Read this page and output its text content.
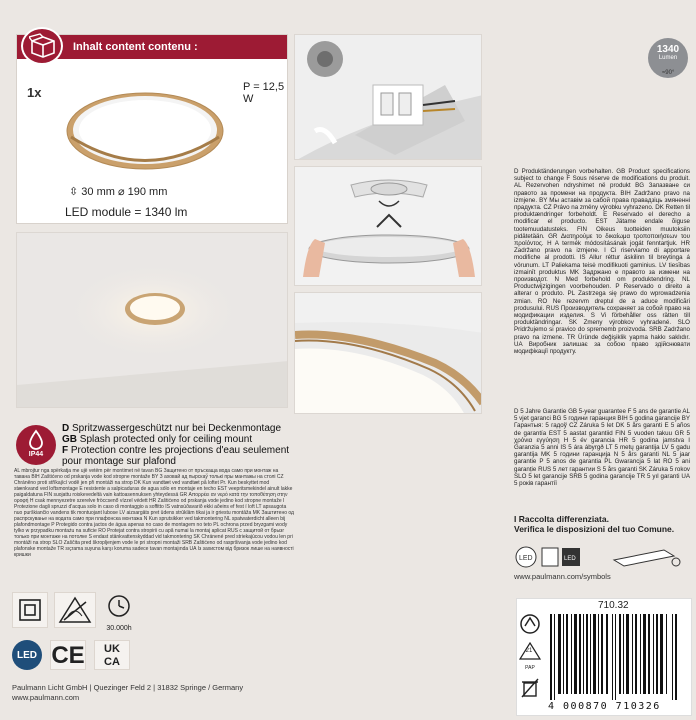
Inhalt content contenu :
1x	P = 12,5 W
⇳ 30 mm ⌀ 190 mm
LED module = 1340 lm
IP44
D Spritzwassergeschützt nur bei Deckenmontage
GB Splash protected only for ceiling mount
F Protection contre les projections d'eau seulement
pour montage sur plafond
AL mbrojtur nga spërkatja me ujë vetëm për montimet në tavan BG Защитено от пръскаща вода само при монтаж на тавана BIH Zaštićeno od prskanja vode kod stropne montaže BY З аховай ад пырскаў толькі пры мантажы на столі CZ Chráněno proti stříkající vodě jen při montáži na strop DK Kun vandtæt ved vandtæt på loftet Pr. Kun beskyttet mod stænkvand ved loftsmontage E resistente a salpicaduras de agua sólo en montaje en techo EST veepritsmekindel ainult lakke paigaldatuna FIN suojattu roiskevedeltä vain kattoasennuksen yhteydessä GR Απορρέει αν νερό κατά την τοποθέτηση στην οροφή H csak mennyezetre szerelve fröccsenő vízzel védett HR Zaštićeno od prskanja vode jedino kod stropne montaže I Protezione dagli spruzzi d'acqua solo in caso di montaggio a soffitto IS vatnsúðavarið ekki aðeins ef fest í loft LT apsaugota nuo purškiančio vandens tik montuojant lubose LV aizsargāts pret ūdens strūklām tikai ja ir griestu montāža MK Заштитено од распрскување на водата само при плафонска монтажа N Kun sprutsikker ved takmontering NL spatwaterdicht alleen bij plafondmontage P Protegido contra jactos de água apenas no caso de montagem no teto PL ochrona przed bryzgami wody tylko w przypadku montażu na suficie RO Protejat contra stropirii cu apă numai la montaj aplicat RUS с защитой от брызг только при монтаже на потолке S endast stänkvattenskyddad vid takmontering SK Chránené pred striekajúcou vodou len pri montáži na strop SLO Zaščita pred škropljenjem vode le pri stropni montaži SRB Zaštićeno od raspršivanja vode jedino kod plafonske montaže TR sıçrama suyuna karşı koruma sadece tavan montajında UA Із захистом від бризок лише на наявності кришки
30.000h
LED CE	UK
CA
Paulmann Licht GmbH | Quezinger Feld 2 | 31832 Springe / Germany
www.paulmann.com
1340
Lumen
≈90°
D Produktänderungen vorbehalten. GB Product specifications subject to change F Sous réserve de modifications du produit. AL Rezervohen ndryshimet në produkt BG Запазване си правото за промени на продукта. BIH Zadržano pravo na izmjene. BY Мы аставім за сабой права правадзіць змяненні прадукта. CZ Právo na změny výrobku vyhrazeno. DK Retten til produktændringer forbeholdt. E Reservado el derecho a modificar el producto. EST Jätame endale õiguse tootemuudatusteks. FIN Oikeus tuotteiden muutoksiin pidätetään. GR Διατηρούμε το δικαίωμα τροποποιήσεων του προϊόντος. H A termék módosításának jogát fenntartjuk. HR Zadržano pravo na izmjene. I Ci riserviamo di apportare modifiche al prodotti. IS Allur réttur áskilinn til breytinga á vörunum. LT Paliekama teisė modifikuoti gaminius. LV tiesības izmainīt produktus MK Задржано е правото за измени на производот. N Med forbehold om produktendring. NL Productwijzigingen voorbehouden. P Reservado o direito a alterar o produto. PL Zastrzega się prawo do wprowadzenia zmian. RO Ne rezervm dreptul de a aduce modificări produsului. RUS Производитель сохраняет за собой право на модификации изделия. S Vi förbehåller oss rätten till produktändringar. SK Zmeny výrobkov vyhradené. SLO Pridržujemo si pravico do sprememb proizvoda. SRB Zadržano pravo na izmene. TR Üründe değişiklik yapma hakkı saklıdır. UA Виробник залишає за собою право здійснювати модифікації продукту.
D 5 Jahre Garantie GB 5-year guarantee F 5 ans de garantie AL 5 vjet garanci BG 5 години гаранция BIH 5 godina garancije BY Гарантыя: 5 гадоў CZ Záruka 5 let DK 5 års garanti E 5 años de garantía EST 5 aastat garantiid FIN 5 vuoden takuu GR 5 χρόνια εγγύηση H 5 év garancia HR 5 godina jamstva I Garanzia 5 anni IS 5 ára ábyrgð LT 5 metų garantija LV 5 gadu garantija MK 5 години гаранција N 5 års garanti NL 5 jaar garantie P 5 anos de garantia PL Gwarancja 5 lat RO 5 ani garanție RUS 5 лет гарантии S 5 års garanti SK Záruka 5 rokov SLO 5 let garancije SRB 5 godina garancije TR 5 yıl garanti UA 5 років гарантії
I Raccolta differenziata.
Verifica le disposizioni del tuo Comune.
LED	LED
www.paulmann.com/symbols
710.32
21
PAP
4 000870 710326
